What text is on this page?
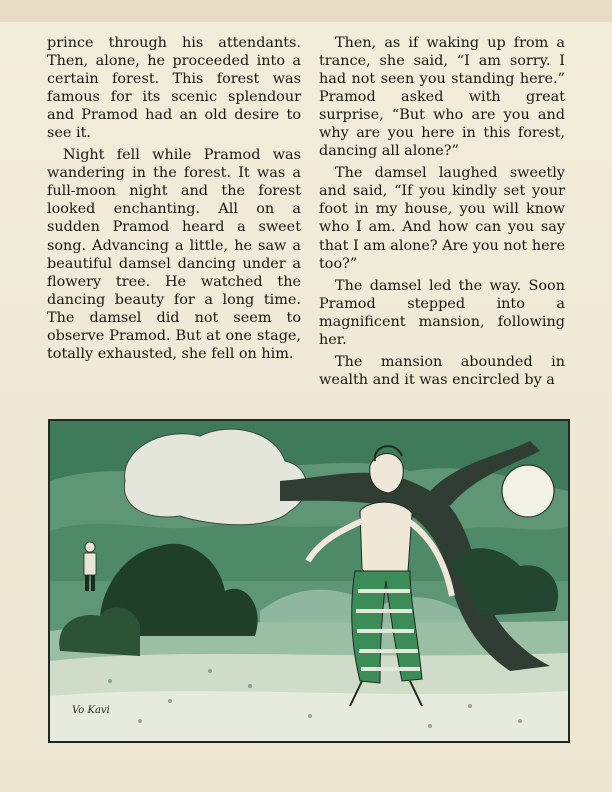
prince through his attendants. Then, alone, he proceeded into a certain forest. This forest was famous for its scenic splendour and Pramod had an old desire to see it.

Night fell while Pramod was wandering in the forest. It was a full-moon night and the forest looked enchanting. All on a sudden Pramod heard a sweet song. Advancing a little, he saw a beautiful damsel dancing under a flowery tree. He watched the dancing beauty for a long time. The damsel did not seem to observe Pramod. But at one stage, totally exhausted, she fell on him.

Then, as if waking up from a trance, she said, “I am sorry. I had not seen you standing here.” Pramod asked with great surprise, “But who are you and why are you here in this forest, dancing all alone?”

The damsel laughed sweetly and said, “If you kindly set your foot in my house, you will know who I am. And how can you say that I am alone? Are you not here too?”

The damsel led the way. Soon Pramod stepped into a magnificent mansion, following her.

The mansion abounded in wealth and it was encircled by a

Vo Kavi
